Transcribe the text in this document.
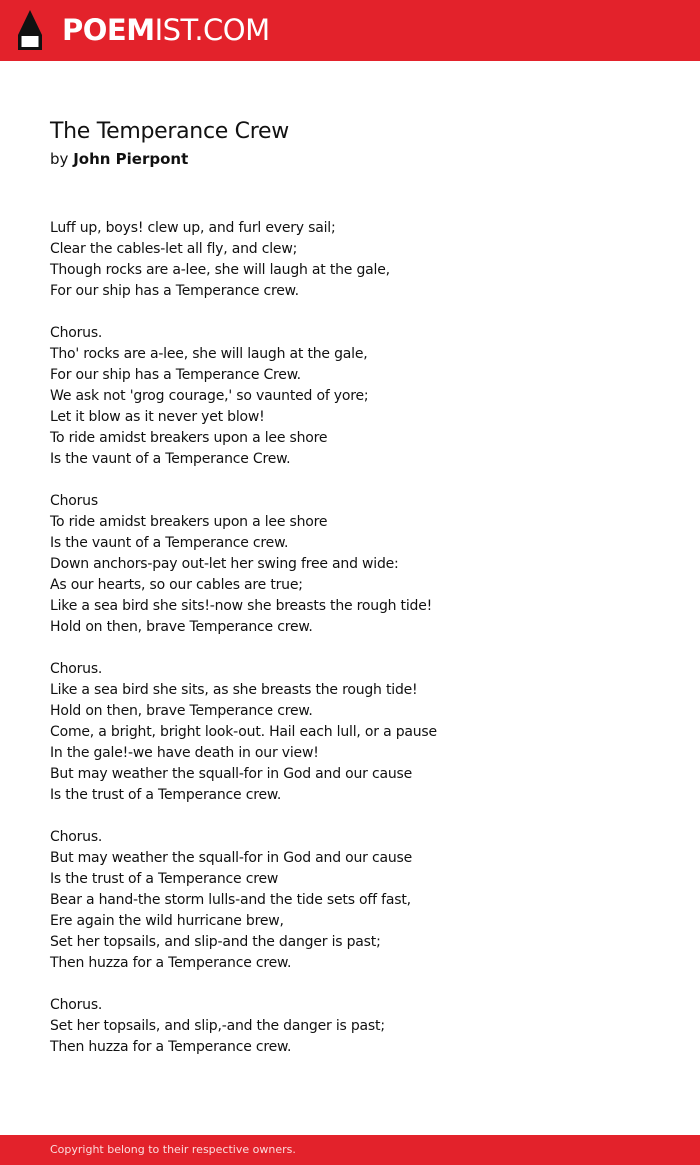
POEMIST.COM
The Temperance Crew
by John Pierpont
Luff up, boys! clew up, and furl every sail;
Clear the cables-let all fly, and clew;
Though rocks are a-lee, she will laugh at the gale,
For our ship has a Temperance crew.
Chorus.
Tho' rocks are a-lee, she will laugh at the gale,
For our ship has a Temperance Crew.
We ask not 'grog courage,' so vaunted of yore;
Let it blow as it never yet blow!
To ride amidst breakers upon a lee shore
Is the vaunt of a Temperance Crew.
Chorus
To ride amidst breakers upon a lee shore
Is the vaunt of a Temperance crew.
Down anchors-pay out-let her swing free and wide:
As our hearts, so our cables are true;
Like a sea bird she sits!-now she breasts the rough tide!
Hold on then, brave Temperance crew.
Chorus.
Like a sea bird she sits, as she breasts the rough tide!
Hold on then, brave Temperance crew.
Come, a bright, bright look-out. Hail each lull, or a pause
In the gale!-we have death in our view!
But may weather the squall-for in God and our cause
Is the trust of a Temperance crew.
Chorus.
But may weather the squall-for in God and our cause
Is the trust of a Temperance crew
Bear a hand-the storm lulls-and the tide sets off fast,
Ere again the wild hurricane brew,
Set her topsails, and slip-and the danger is past;
Then huzza for a Temperance crew.
Chorus.
Set her topsails, and slip,-and the danger is past;
Then huzza for a Temperance crew.
Copyright belong to their respective owners.
